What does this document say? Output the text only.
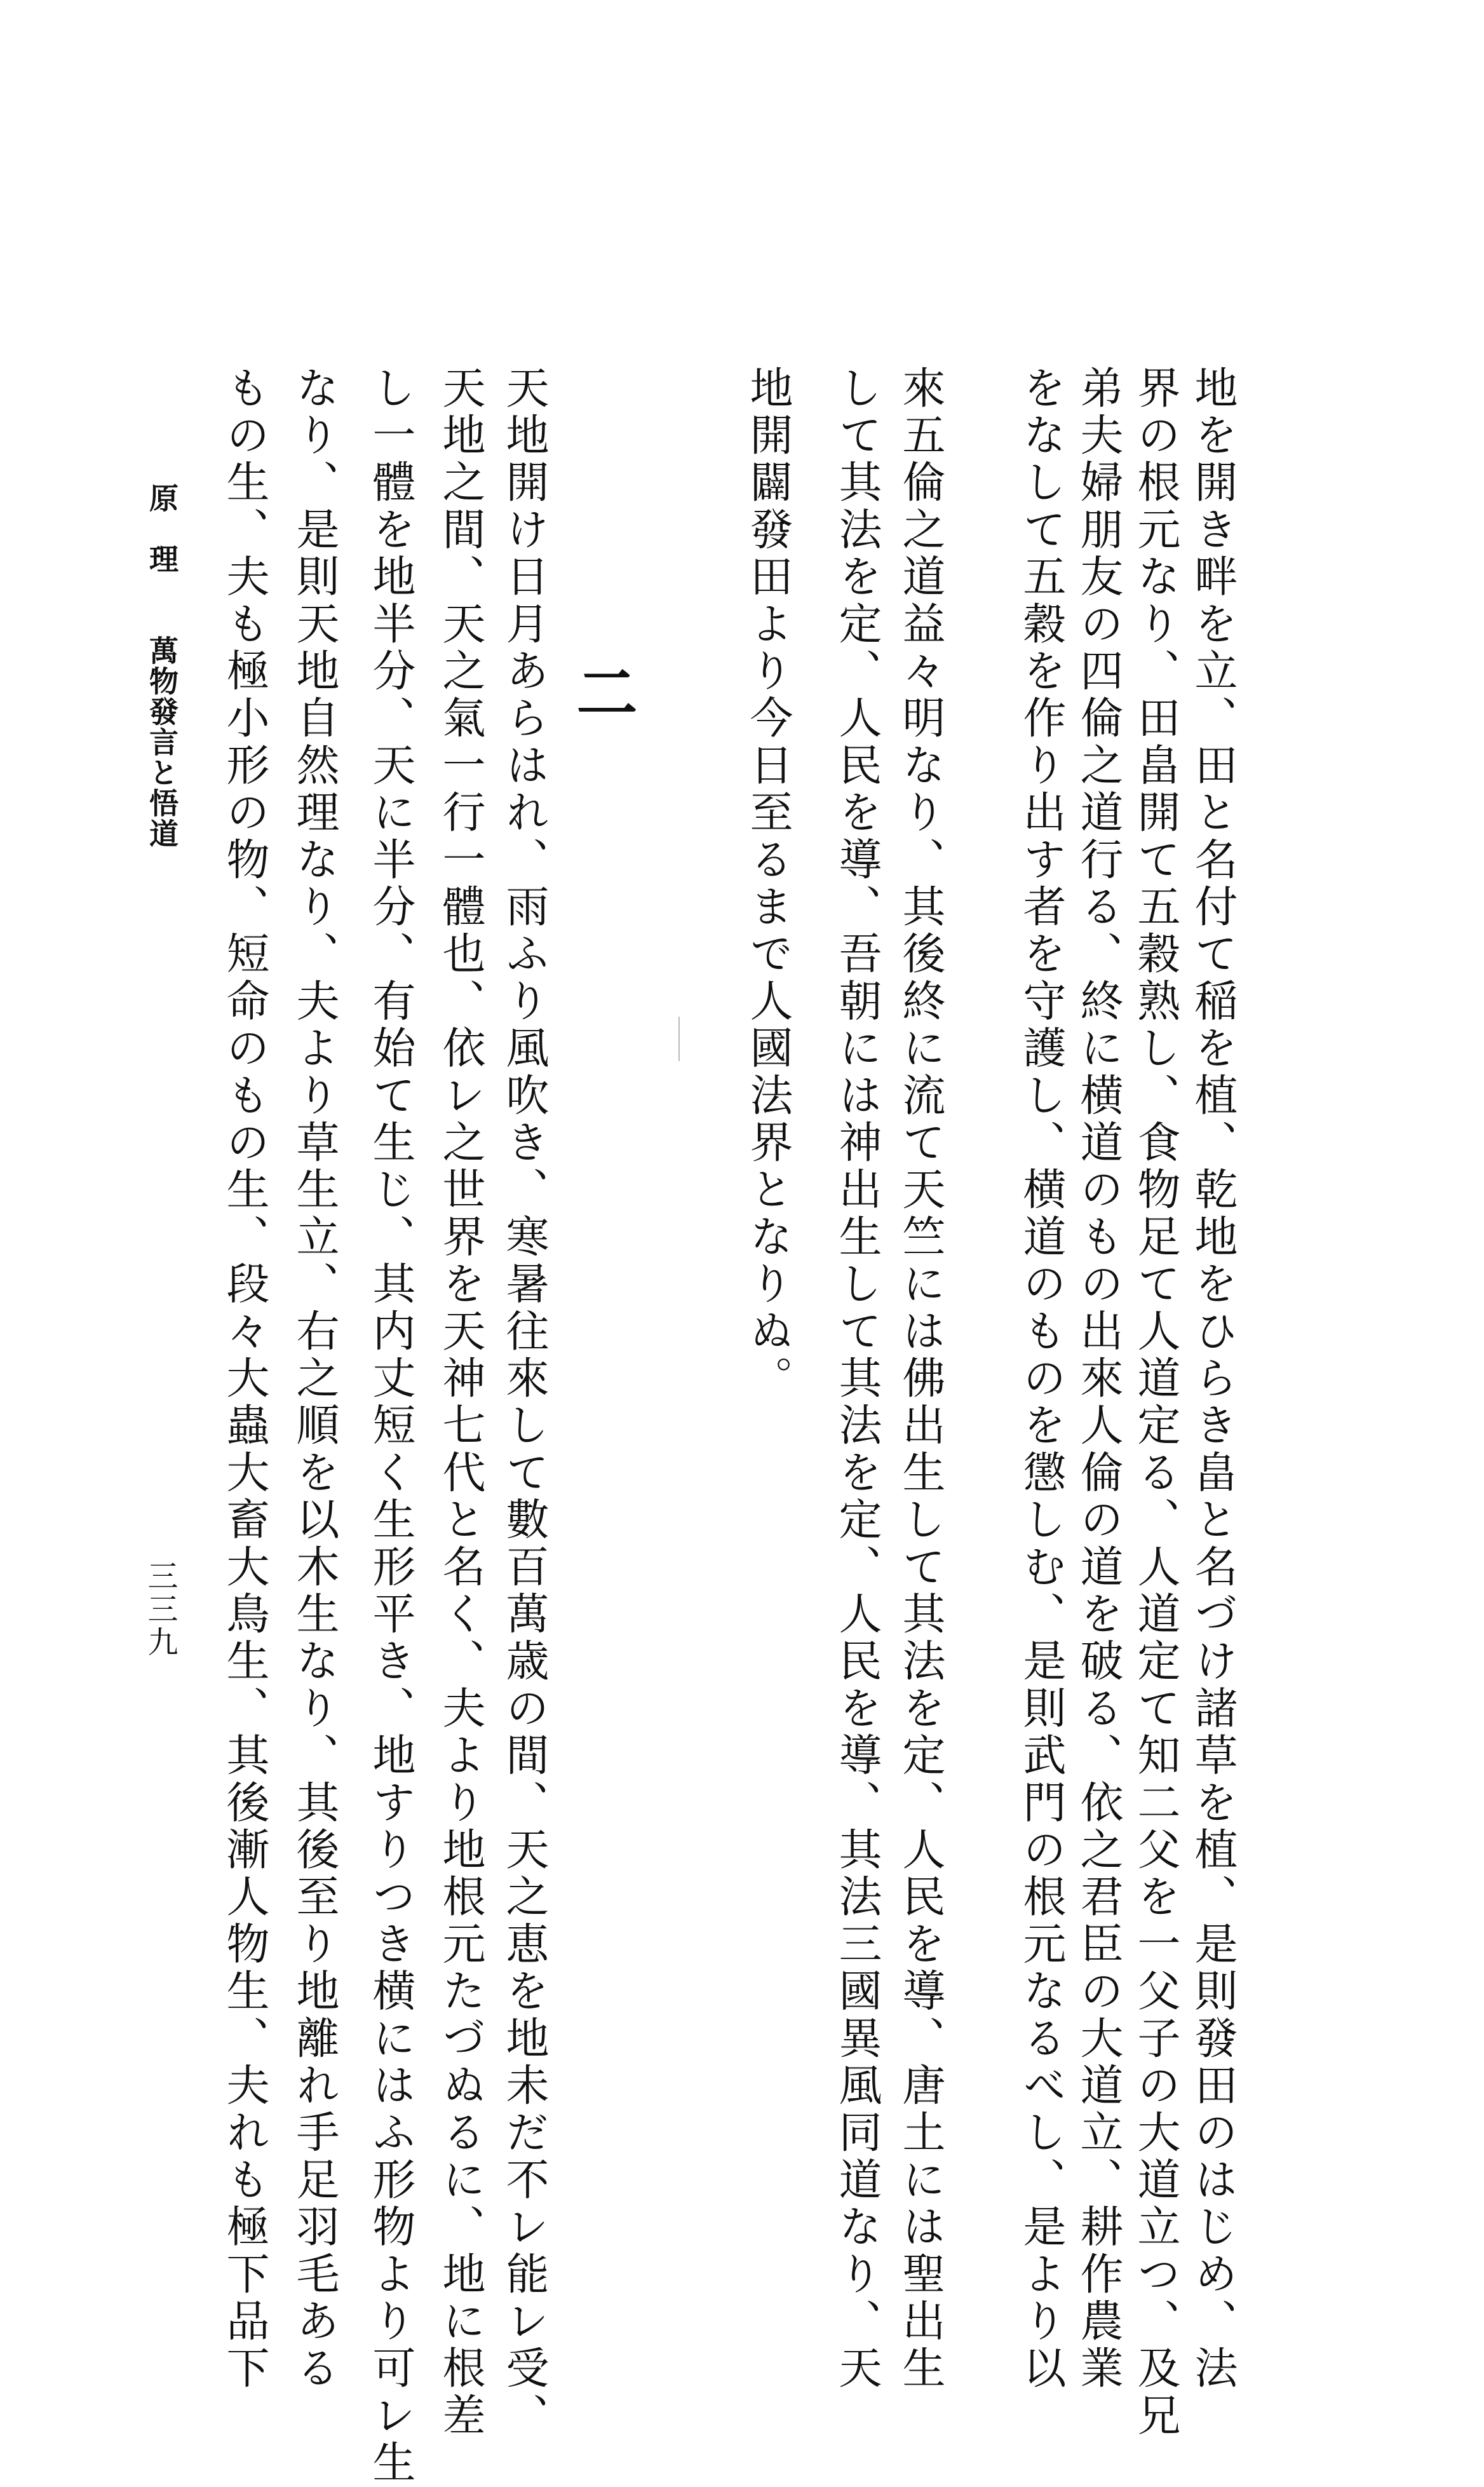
地を開き畔を立、田と名付て稲を植、乾地をひらき畠と名づけ諸草を植、是則發田のはじめ、法
界の根元なり、田畠開て五穀熟し、食物足て人道定る、人道定て知二父を一父子の大道立つ、及兄
弟夫婦朋友の四倫之道行る、終に横道のもの出來人倫の道を破る、依之君臣の大道立、耕作農業
をなして五穀を作り出す者を守護し、横道のものを懲しむ、是則武門の根元なるべし、是より以
來五倫之道益々明なり、其後終に流て天竺には佛出生して其法を定、人民を導、唐土には聖出生
して其法を定、人民を導、吾朝には神出生して其法を定、人民を導、其法三國異風同道なり、天
地開闢發田より今日至るまで人國法界となりぬ。
二
天地開け日月あらはれ、雨ふり風吹き、寒暑往來して數百萬歳の間、天之恵を地未だ不レ能レ受、
天地之間、天之氣一行一體也、依レ之世界を天神七代と名く、夫より地根元たづぬるに、地に根差
し一體を地半分、天に半分、有始て生じ、其内丈短く生形平き、地すりつき横にはふ形物より可レ生
なり、是則天地自然理なり、夫より草生立、右之順を以木生なり、其後至り地離れ手足羽毛ある
もの生、夫も極小形の物、短命のもの生、段々大蟲大畜大鳥生、其後漸人物生、夫れも極下品下
原　理　　萬物發言と悟道
三三九
